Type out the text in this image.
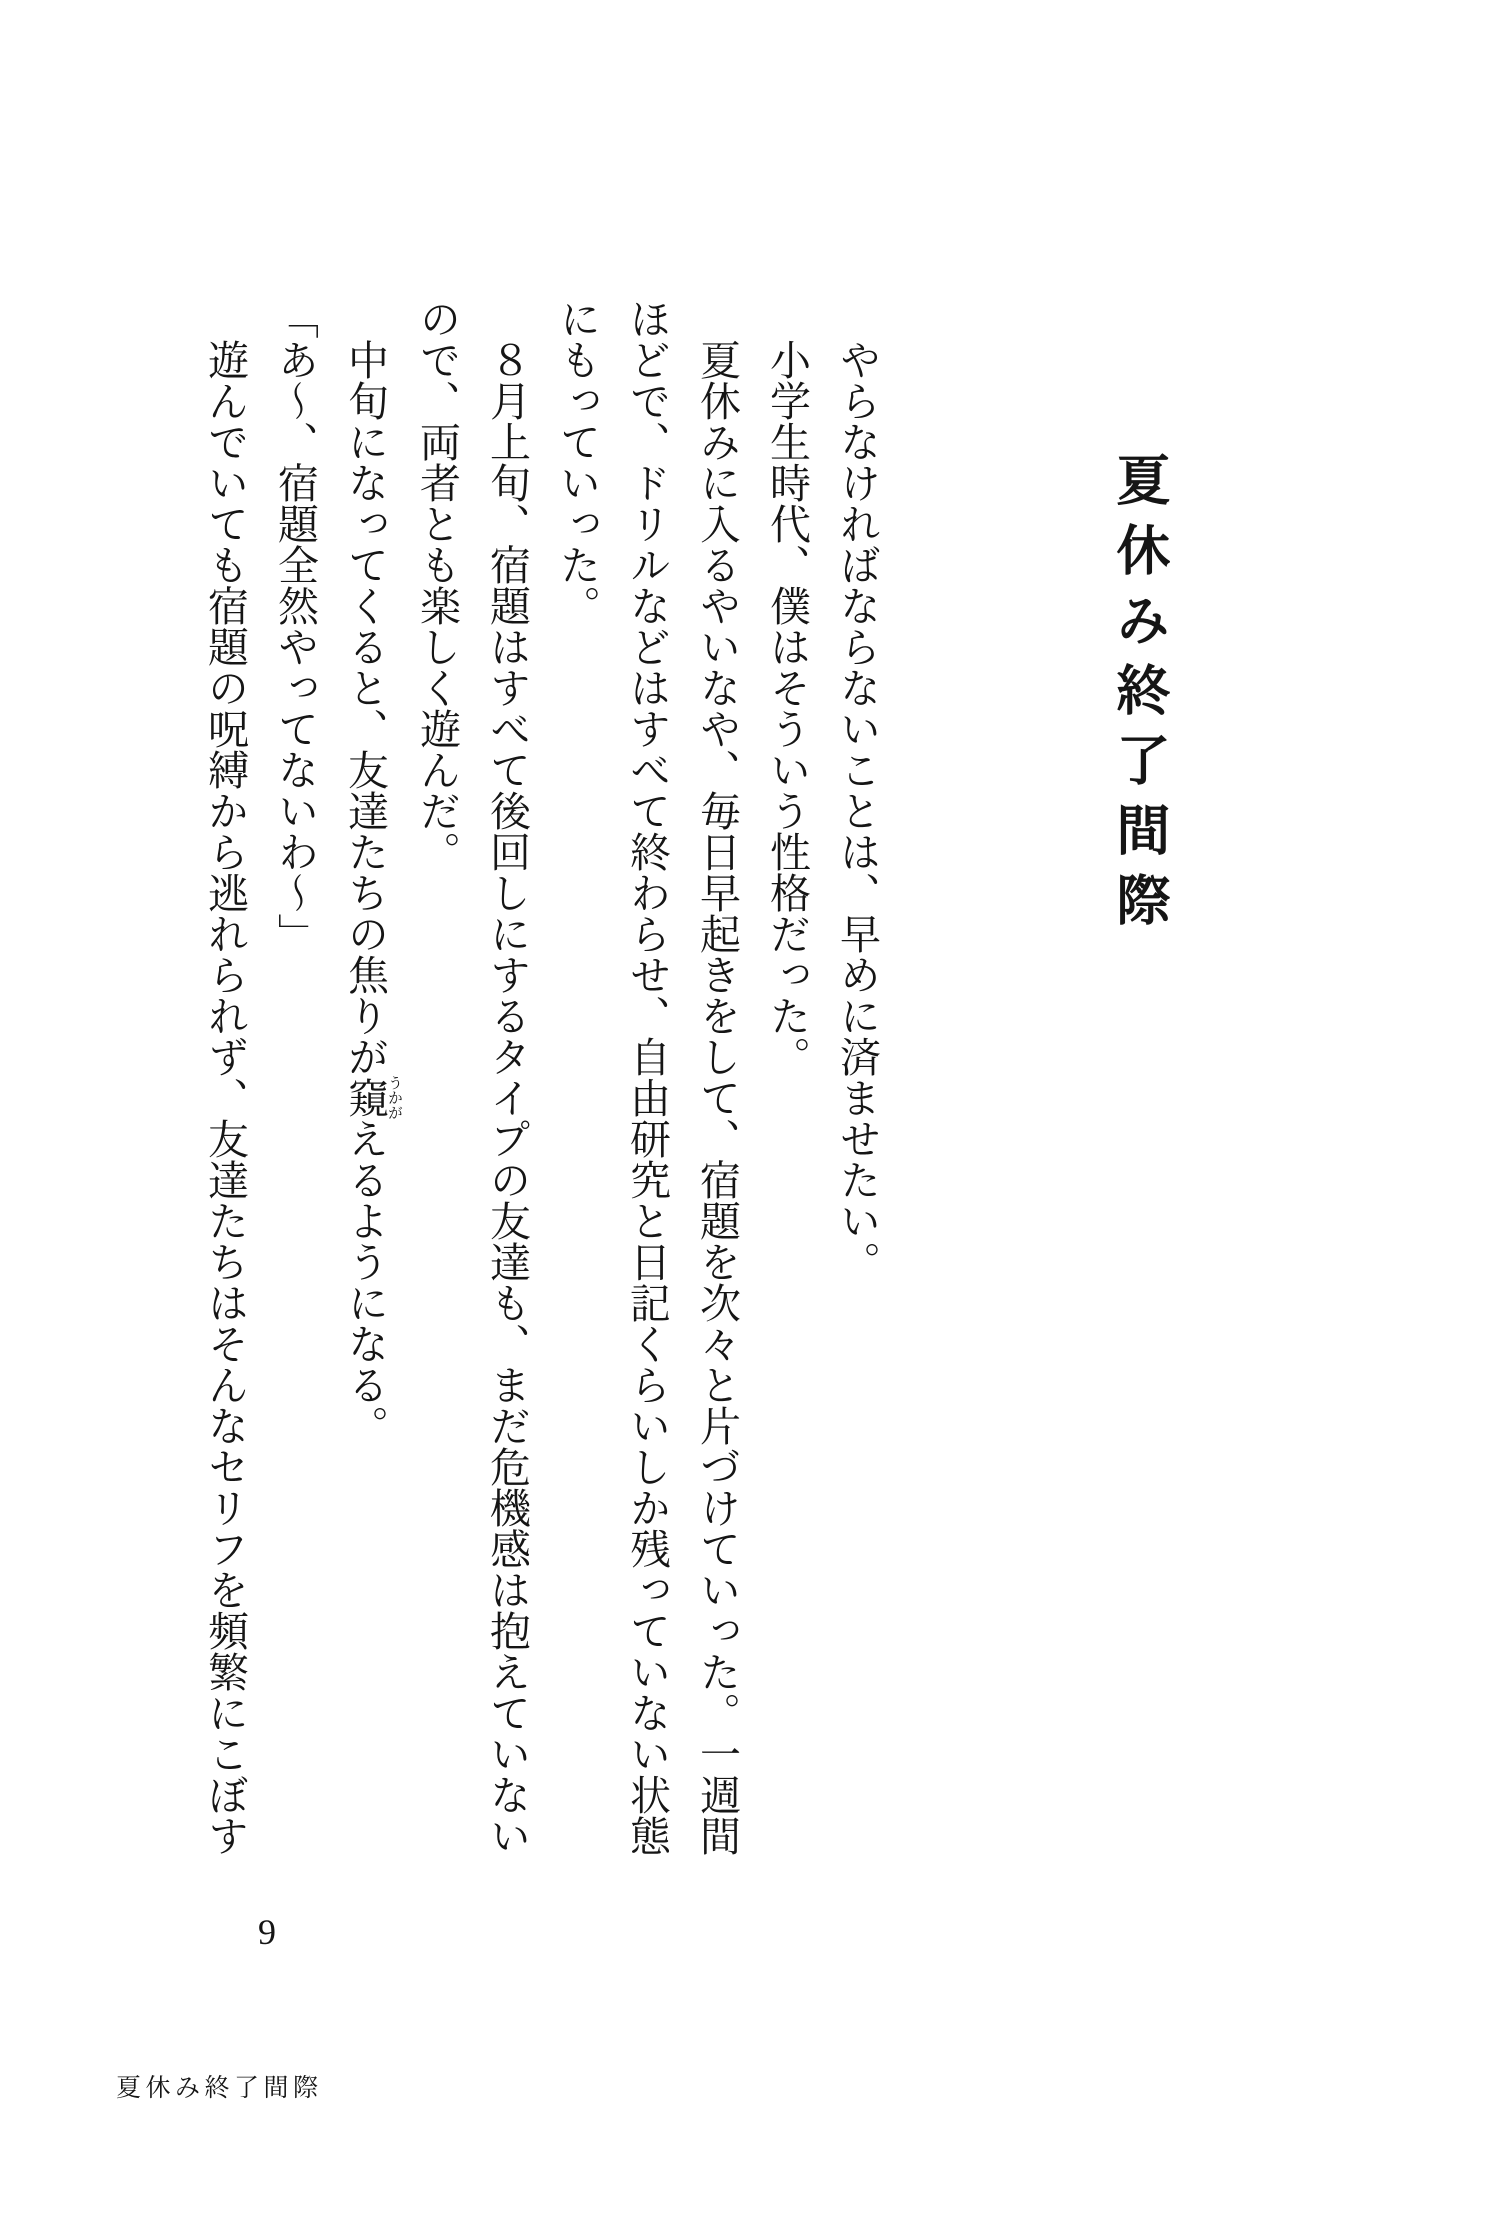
夏休み終了間際

やらなければならないことは、早めに済ませたい。

小学生時代、僕はそういう性格だった。

夏休みに入るやいなや、毎日早起きをして、宿題を次々と片づけていった。一週間

ほどで、ドリルなどはすべて終わらせ、自由研究と日記くらいしか残っていない状態

にもっていった。

８月上旬、宿題はすべて後回しにするタイプの友達も、まだ危機感は抱えていない

ので、両者とも楽しく遊んだ。

中旬になってくると、友達たちの焦りが窺うかがえるようになる。

「あ〜、宿題全然やってないわ〜」

遊んでいても宿題の呪縛から逃れられず、友達たちはそんなセリフを頻繁にこぼす

9
夏休み終了間際
